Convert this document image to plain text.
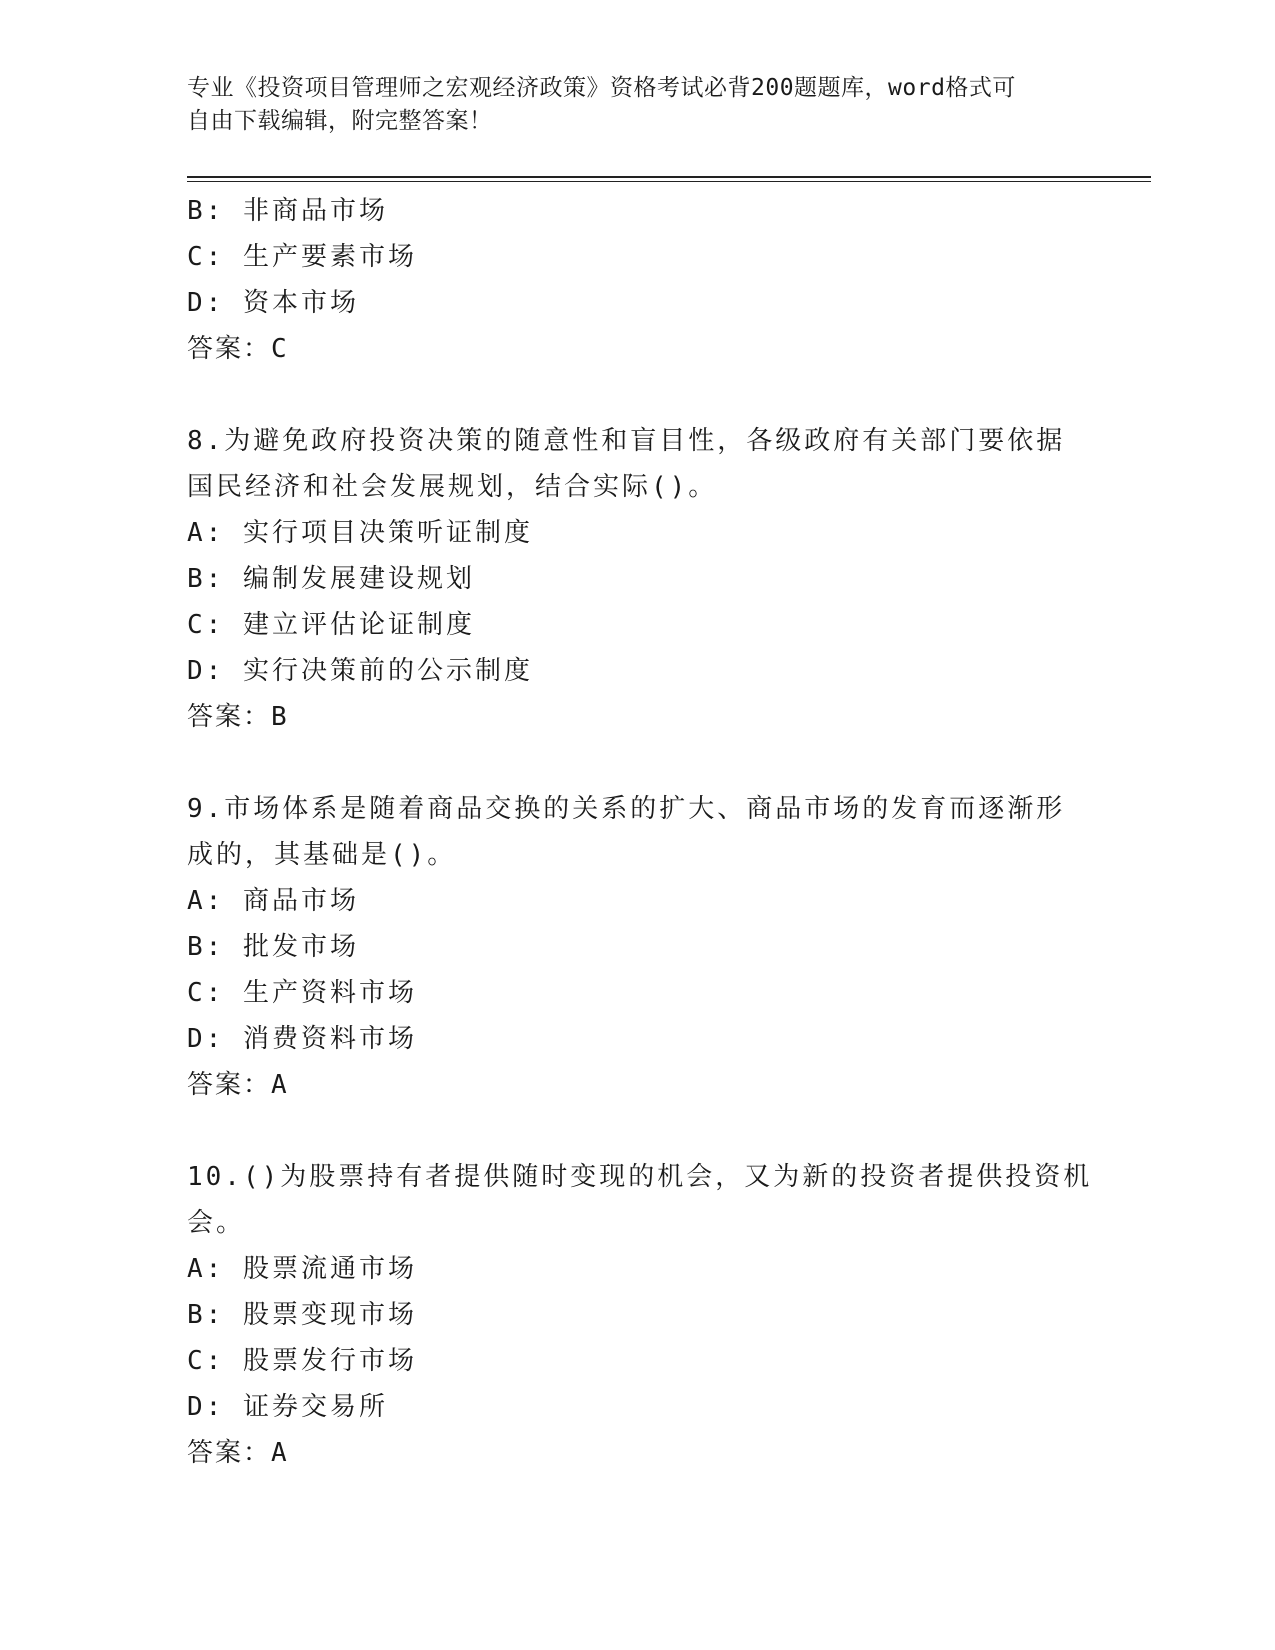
专业《投资项目管理师之宏观经济政策》资格考试必背200题题库，word格式可

自由下载编辑，附完整答案！

B: 非商品市场
C: 生产要素市场
D: 资本市场
答案：C
8.为避免政府投资决策的随意性和盲目性，各级政府有关部门要依据
国民经济和社会发展规划，结合实际()。
A: 实行项目决策听证制度
B: 编制发展建设规划
C: 建立评估论证制度
D: 实行决策前的公示制度
答案：B
9.市场体系是随着商品交换的关系的扩大、商品市场的发育而逐渐形
成的，其基础是()。
A: 商品市场
B: 批发市场
C: 生产资料市场
D: 消费资料市场
答案：A
10.()为股票持有者提供随时变现的机会，又为新的投资者提供投资机
会。
A: 股票流通市场
B: 股票变现市场
C: 股票发行市场
D: 证券交易所
答案：A
